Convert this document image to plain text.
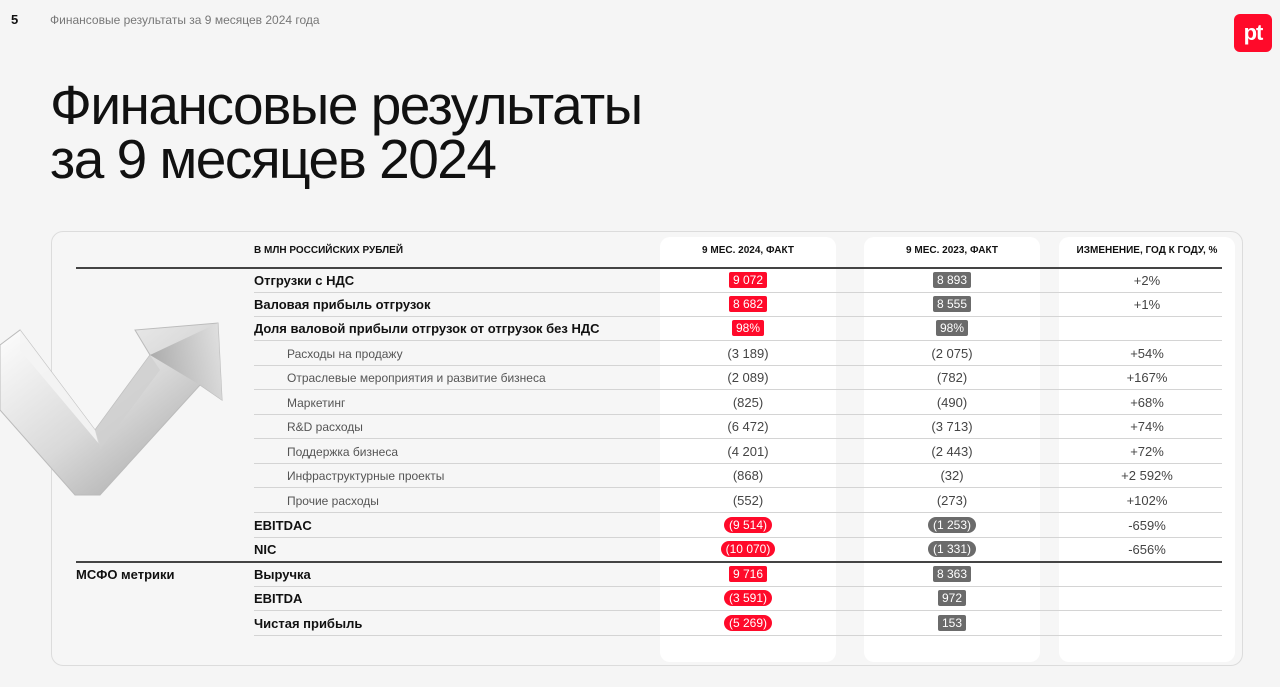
5	Финансовые результаты за 9 месяцев 2024 года	pt
Финансовые результаты
за 9 месяцев 2024
В МЛН РОССИЙСКИХ РУБЛЕЙ	9 МЕС. 2024, ФАКТ	9 МЕС. 2023, ФАКТ	ИЗМЕНЕНИЕ, ГОД К ГОДУ, %
Отгрузки с НДС	9 072	8 893	+2%
Валовая прибыль отгрузок	8 682	8 555	+1%
Доля валовой прибыли отгрузок от отгрузок без НДС	98%	98%
Расходы на продажу	(3 189)	(2 075)	+54%
Отраслевые мероприятия и развитие бизнеса	(2 089)	(782)	+167%
Маркетинг	(825)	(490)	+68%
R&D расходы	(6 472)	(3 713)	+74%
Поддержка бизнеса	(4 201)	(2 443)	+72%
Инфраструктурные проекты	(868)	(32)	+2 592%
Прочие расходы	(552)	(273)	+102%
EBITDAC	(9 514)	(1 253)	-659%
NIC	(10 070)	(1 331)	-656%
МСФО метрики	Выручка	9 716	8 363
EBITDA	(3 591)	972
Чистая прибыль	(5 269)	153
